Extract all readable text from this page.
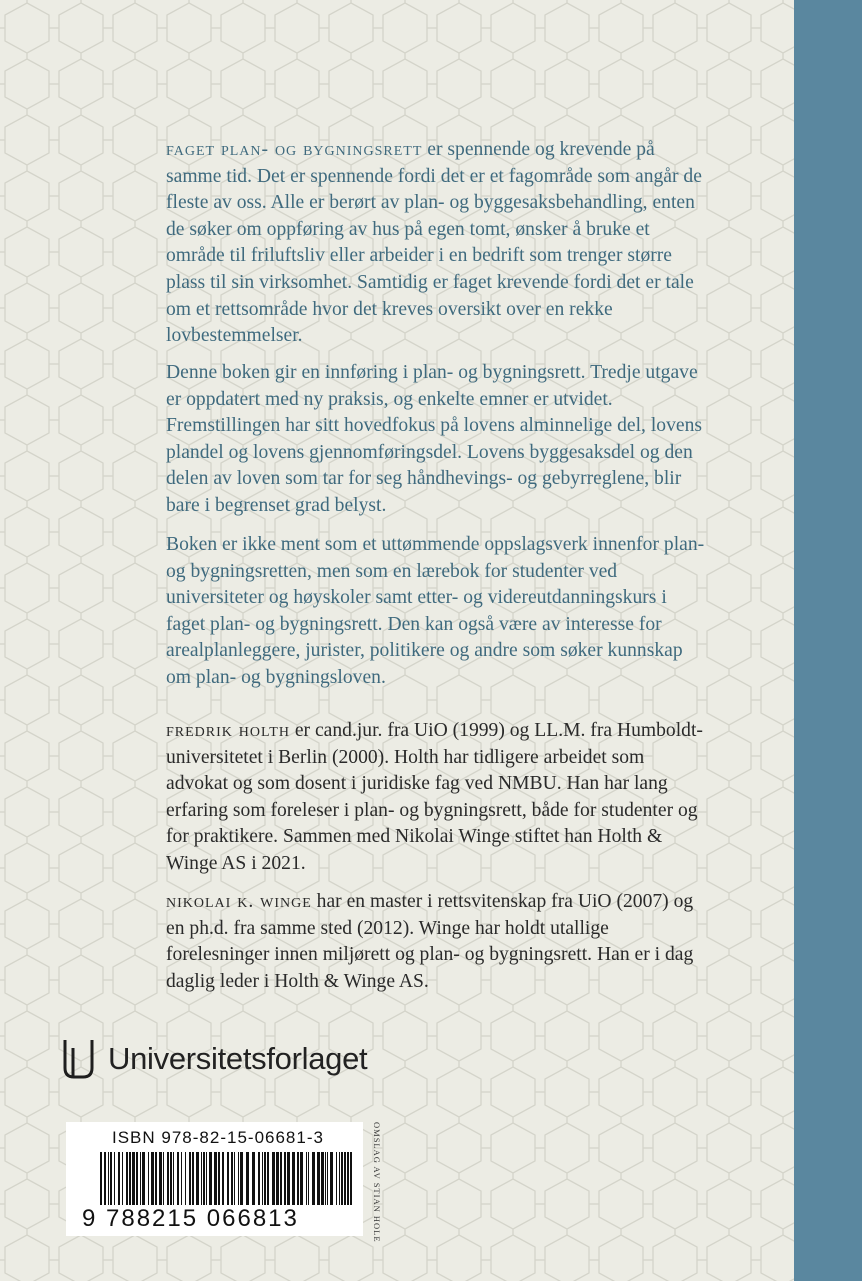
faget plan- og bygningsrett er spennende og krevende på samme tid. Det er spennende fordi det er et fagområde som angår de fleste av oss. Alle er berørt av plan- og byggesaksbehandling, enten de søker om oppføring av hus på egen tomt, ønsker å bruke et område til friluftsliv eller arbeider i en bedrift som trenger større plass til sin virksomhet. Samtidig er faget krevende fordi det er tale om et rettsområde hvor det kreves oversikt over en rekke lovbestemmelser.

Denne boken gir en innføring i plan- og bygningsrett. Tredje utgave er oppdatert med ny praksis, og enkelte emner er utvidet. Fremstillingen har sitt hovedfokus på lovens alminnelige del, lovens plandel og lovens gjennomføringsdel. Lovens byggesaksdel og den delen av loven som tar for seg håndhevings- og gebyrreglene, blir bare i begrenset grad belyst.

Boken er ikke ment som et uttømmende oppslagsverk innenfor plan- og bygningsretten, men som en lærebok for studenter ved universiteter og høyskoler samt etter- og videreutdanningskurs i faget plan- og bygningsrett. Den kan også være av interesse for arealplanleggere, jurister, politikere og andre som søker kunnskap om plan- og bygningsloven.

fredrik holth er cand.jur. fra UiO (1999) og LL.M. fra Humboldt-universitetet i Berlin (2000). Holth har tidligere arbeidet som advokat og som dosent i juridiske fag ved NMBU. Han har lang erfaring som foreleser i plan- og bygningsrett, både for studenter og for praktikere. Sammen med Nikolai Winge stiftet han Holth & Winge AS i 2021.

nikolai k. winge har en master i rettsvitenskap fra UiO (2007) og en ph.d. fra samme sted (2012). Winge har holdt utallige forelesninger innen miljørett og plan- og bygningsrett. Han er i dag daglig leder i Holth & Winge AS.

Universitetsforlaget
ISBN 978-82-15-06681-3
9 788215 066813	OMSLAG AV STIAN HOLE
